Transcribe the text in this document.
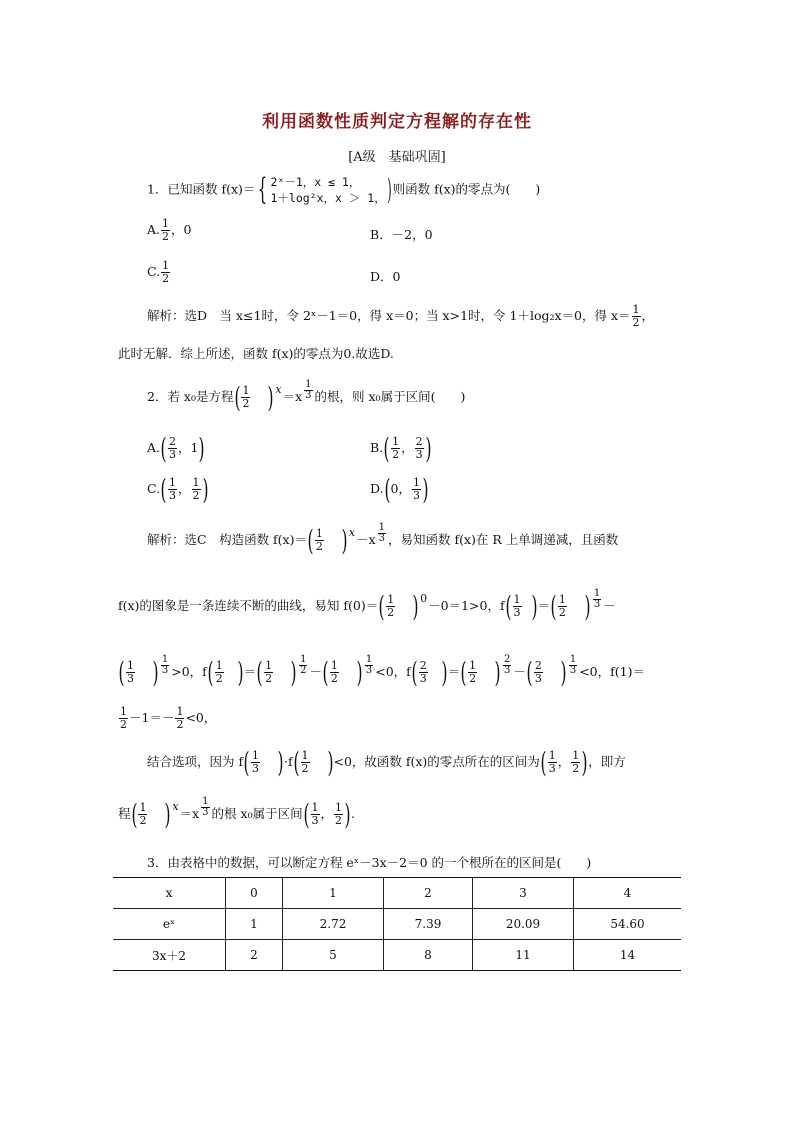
利用函数性质判定方程解的存在性
[A级　基础巩固]
1．已知函数 f(x)＝{ 2ˣ－1，x ≤ 1，
1＋log²x，x ＞ 1， )则函数 f(x)的零点为(　　)
A. $\frac{1}{2}$ ，0	B．－2，0
C. $\frac{1}{2}$	D．0
解析：选D　当 x≤1时，令 2ˣ－1＝0，得 x＝0；当 x>1时，令 1＋log₂x＝0，得 $x= \frac{1}{2}$ ，
此时无解．综上所述，函数 f(x)的零点为0.故选D.
2．若 x₀是方程( $\frac{1}{2} )x=x \frac{1}{3}$ 的根，则 x₀属于区间(　　)
$A.( \frac{2}{3}$ ，1)	$B.( \frac{1}{2}$ ， $\frac{2}{3}$ )
$C.( \frac{1}{3}$ ， $\frac{1}{2}$ )	D.(0， $\frac{1}{3}$ )
解析：选C　构造函数 $f(x)=( \frac{1}{2} )x-x \frac{1}{3}$ ，易知函数 f(x)在 R 上单调递减，且函数
f(x)的图象是一条连续不断的曲线，易知 $f(0)=( \frac{1}{2} )0-0=1>0$，$f( \frac{1}{3}$ )＝( $\frac{1}{2}$ ) $\frac{1}{3}$ －
( $\frac{1}{3}$ ) $\frac{1}{3} >0$，$f( \frac{1}{2}$ )＝( $\frac{1}{2}$ ) $\frac{1}{2}$ －( $\frac{1}{2}$ ) $\frac{1}{3} <0$，$f( \frac{2}{3}$ )＝( $\frac{1}{2}$ ) $\frac{2}{3}$ －( $\frac{2}{3}$ ) $\frac{1}{3} <0$，f(1)＝
$\frac{1}{2} -1=- \frac{1}{2} <0$，
结合选项，因为 $f( \frac{1}{3} )\cdot f( \frac{1}{2} )<0$，故函数 f(x)的零点所在的区间为( $\frac{1}{3}$ ， $\frac{1}{2}$ )，即方
程( $\frac{1}{2} )x=x \frac{1}{3}$ 的根 x₀属于区间( $\frac{1}{3}$ ， $\frac{1}{2}$ ).
3．由表格中的数据，可以断定方程 eˣ－3x－2＝0 的一个根所在的区间是(　　)
x	0	1	2	3	4
eˣ	1	2.72	7.39	20.09	54.60
3x＋2	2	5	8	11	14
